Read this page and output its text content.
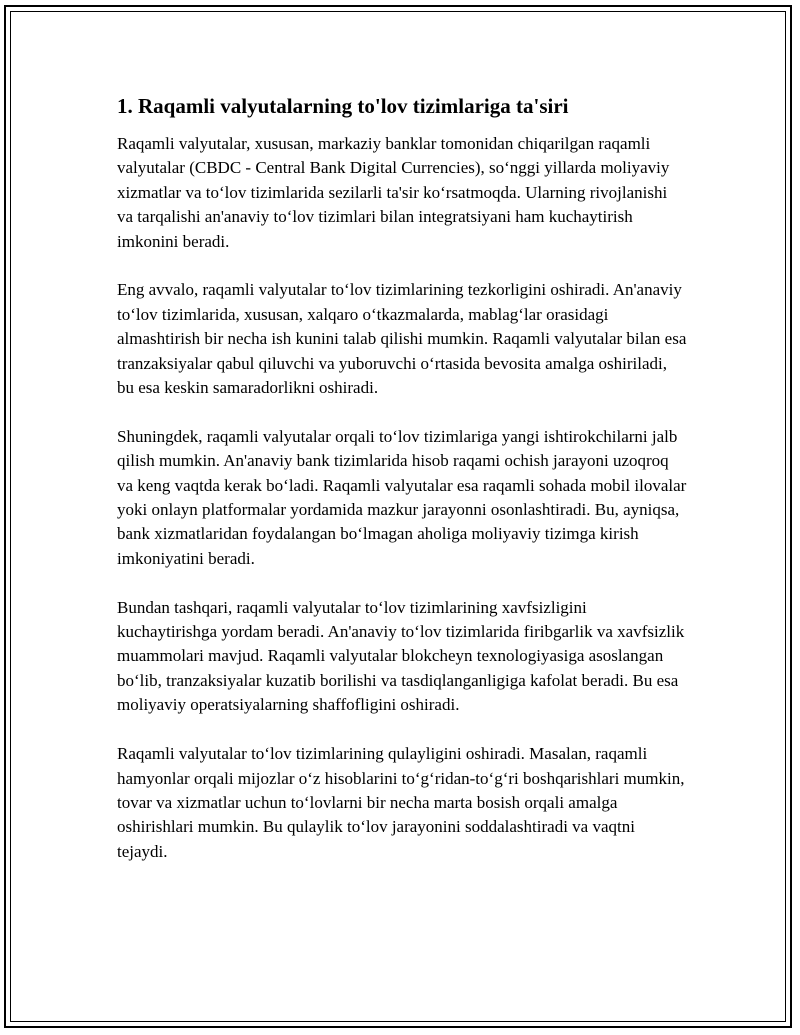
1. Raqamli valyutalarning to'lov tizimlariga ta'siri

Raqamli valyutalar, xususan, markaziy banklar tomonidan chiqarilgan raqamli valyutalar (CBDC - Central Bank Digital Currencies), so‘nggi yillarda moliyaviy xizmatlar va to‘lov tizimlarida sezilarli ta'sir ko‘rsatmoqda. Ularning rivojlanishi va tarqalishi an'anaviy to‘lov tizimlari bilan integratsiyani ham kuchaytirish imkonini beradi.

Eng avvalo, raqamli valyutalar to‘lov tizimlarining tezkorligini oshiradi. An'anaviy to‘lov tizimlarida, xususan, xalqaro o‘tkazmalarda, mablag‘lar orasidagi almashtirish bir necha ish kunini talab qilishi mumkin. Raqamli valyutalar bilan esa tranzaksiyalar qabul qiluvchi va yuboruvchi o‘rtasida bevosita amalga oshiriladi, bu esa keskin samaradorlikni oshiradi.

Shuningdek, raqamli valyutalar orqali to‘lov tizimlariga yangi ishtirokchilarni jalb qilish mumkin. An'anaviy bank tizimlarida hisob raqami ochish jarayoni uzoqroq va keng vaqtda kerak bo‘ladi. Raqamli valyutalar esa raqamli sohada mobil ilovalar yoki onlayn platformalar yordamida mazkur jarayonni osonlashtiradi. Bu, ayniqsa, bank xizmatlaridan foydalangan bo‘lmagan aholiga moliyaviy tizimga kirish imkoniyatini beradi.

Bundan tashqari, raqamli valyutalar to‘lov tizimlarining xavfsizligini kuchaytirishga yordam beradi. An'anaviy to‘lov tizimlarida firibgarlik va xavfsizlik muammolari mavjud. Raqamli valyutalar blokcheyn texnologiyasiga asoslangan bo‘lib, tranzaksiyalar kuzatib borilishi va tasdiqlanganligiga kafolat beradi. Bu esa moliyaviy operatsiyalarning shaffofligini oshiradi.

Raqamli valyutalar to‘lov tizimlarining qulayligini oshiradi. Masalan, raqamli hamyonlar orqali mijozlar o‘z hisoblarini to‘g‘ridan-to‘g‘ri boshqarishlari mumkin, tovar va xizmatlar uchun to‘lovlarni bir necha marta bosish orqali amalga oshirishlari mumkin. Bu qulaylik to‘lov jarayonini soddalashtiradi va vaqtni tejaydi.
